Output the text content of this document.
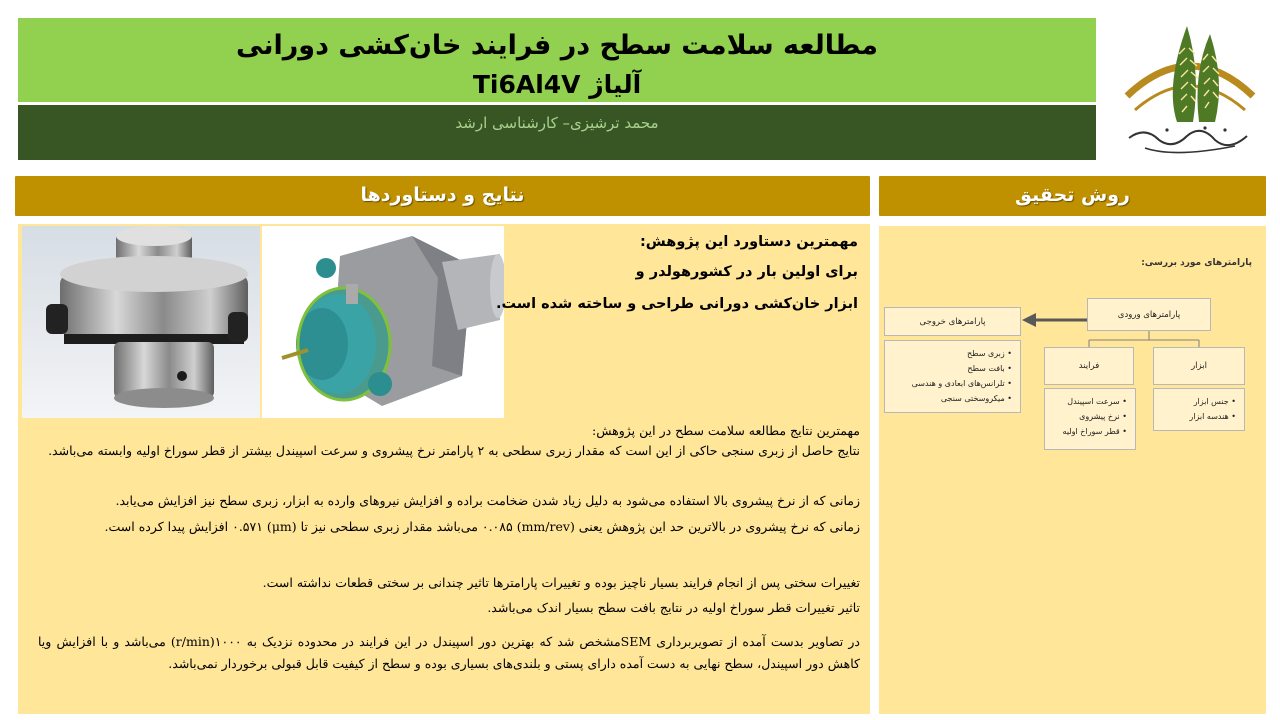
مطالعه سلامت سطح در فرایند خان‌کشی دورانی
آلیاژ Ti6Al4V
محمد ترشیزی– کارشناسی ارشد
نتایج و دستاوردها	روش تحقیق
مهمترین دستاورد این پژوهش:
برای اولین بار در کشورهولدر و
ابزار خان‌کشی دورانی طراحی و ساخته شده است.
مهمترین نتایج مطالعه سلامت سطح در این پژوهش:
نتایج حاصل از زبری سنجی حاکی از این است که مقدار زبری سطحی به ۲ پارامتر نرخ پیشروی و سرعت اسپیندل بیشتر از قطر سوراخ اولیه وابسته می‌باشد.
زمانی که از نرخ پیشروی بالا استفاده می‌شود به دلیل زیاد شدن ضخامت براده و افزایش نیروهای وارده به ابزار، زبری سطح نیز افزایش می‌یابد.
زمانی که نرخ پیشروی در بالاترین حد این پژوهش یعنی (mm/rev) ۰.۰۸۵ می‌باشد مقدار زبری سطحی نیز تا (μm) ۰.۵۷۱ افزایش پیدا کرده است.
تغییرات سختی پس از انجام فرایند بسیار ناچیز بوده و تغییرات پارامترها تاثیر چندانی بر سختی قطعات نداشته است.
تاثیر تغییرات قطر سوراخ اولیه در نتایج بافت سطح بسیار اندک می‌باشد.
در تصاویر بدست آمده از تصویربرداری SEMمشخص شد که بهترین دور اسپیندل در این فرایند در محدوده نزدیک به ۱۰۰۰(r/min) می‌باشد و با افزایش ویا کاهش دور اسپیندل، سطح نهایی به دست آمده دارای پستی و بلندی‌های بسیاری بوده و سطح از کیفیت قابل قبولی برخوردار نمی‌باشد.
پارامترهای مورد بررسی:
پارامترهای خروجی
پارامترهای ورودی
فرایند	ابزار
• زبری سطح
• بافت سطح
• تلرانس‌های ابعادی و هندسی
• میکروسختی سنجی	• سرعت اسپیندل
• نرخ پیشروی
• قطر سوراخ اولیه
• جنس ابزار
• هندسه ابزار
